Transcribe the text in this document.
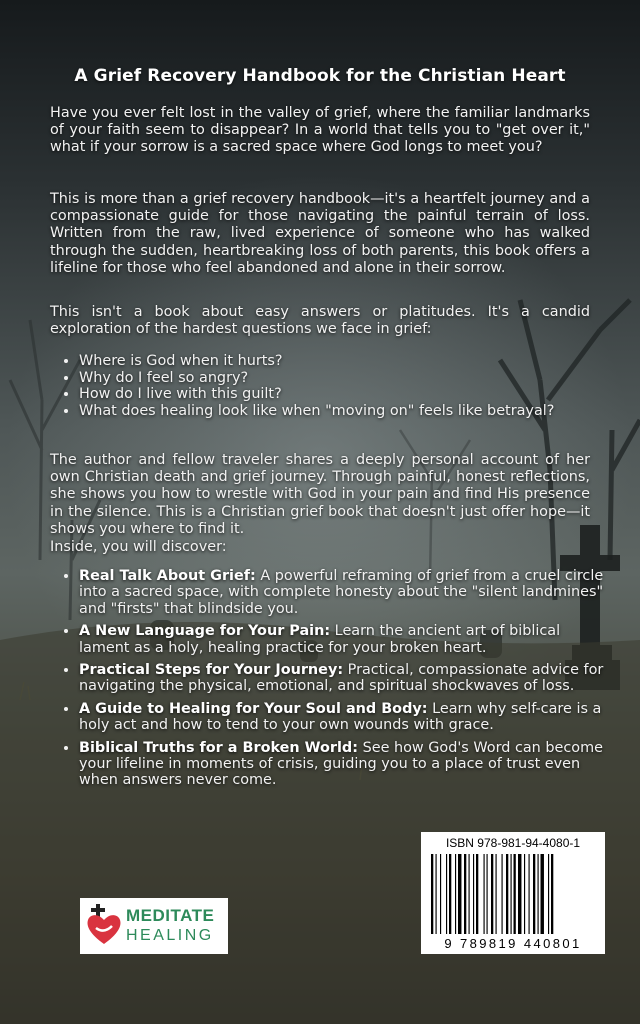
A Grief Recovery Handbook for the Christian Heart

Have you ever felt lost in the valley of grief, where the familiar landmarks of your faith seem to disappear? In a world that tells you to "get over it," what if your sorrow is a sacred space where God longs to meet you?

This is more than a grief recovery handbook—it's a heartfelt journey and a compassionate guide for those navigating the painful terrain of loss. Written from the raw, lived experience of someone who has walked through the sudden, heartbreaking loss of both parents, this book offers a lifeline for those who feel abandoned and alone in their sorrow.

This isn't a book about easy answers or platitudes. It's a candid exploration of the hardest questions we face in grief:

• Where is God when it hurts?
• Why do I feel so angry?
• How do I live with this guilt?
• What does healing look like when "moving on" feels like betrayal?

The author and fellow traveler shares a deeply personal account of her own Christian death and grief journey. Through painful, honest reflections, she shows you how to wrestle with God in your pain and find His presence in the silence. This is a Christian grief book that doesn't just offer hope—it shows you where to find it.

Inside, you will discover:

• Real Talk About Grief: A powerful reframing of grief from a cruel circle into a sacred space, with complete honesty about the "silent landmines" and "firsts" that blindside you.
• A New Language for Your Pain: Learn the ancient art of biblical lament as a holy, healing practice for your broken heart.
• Practical Steps for Your Journey: Practical, compassionate advice for navigating the physical, emotional, and spiritual shockwaves of loss.
• A Guide to Healing for Your Soul and Body: Learn why self-care is a holy act and how to tend to your own wounds with grace.
• Biblical Truths for a Broken World: See how God's Word can become your lifeline in moments of crisis, guiding you to a place of trust even when answers never come.
ISBN 978-981-94-4080-1
9 789819 440801
MEDITATE
HEALING
